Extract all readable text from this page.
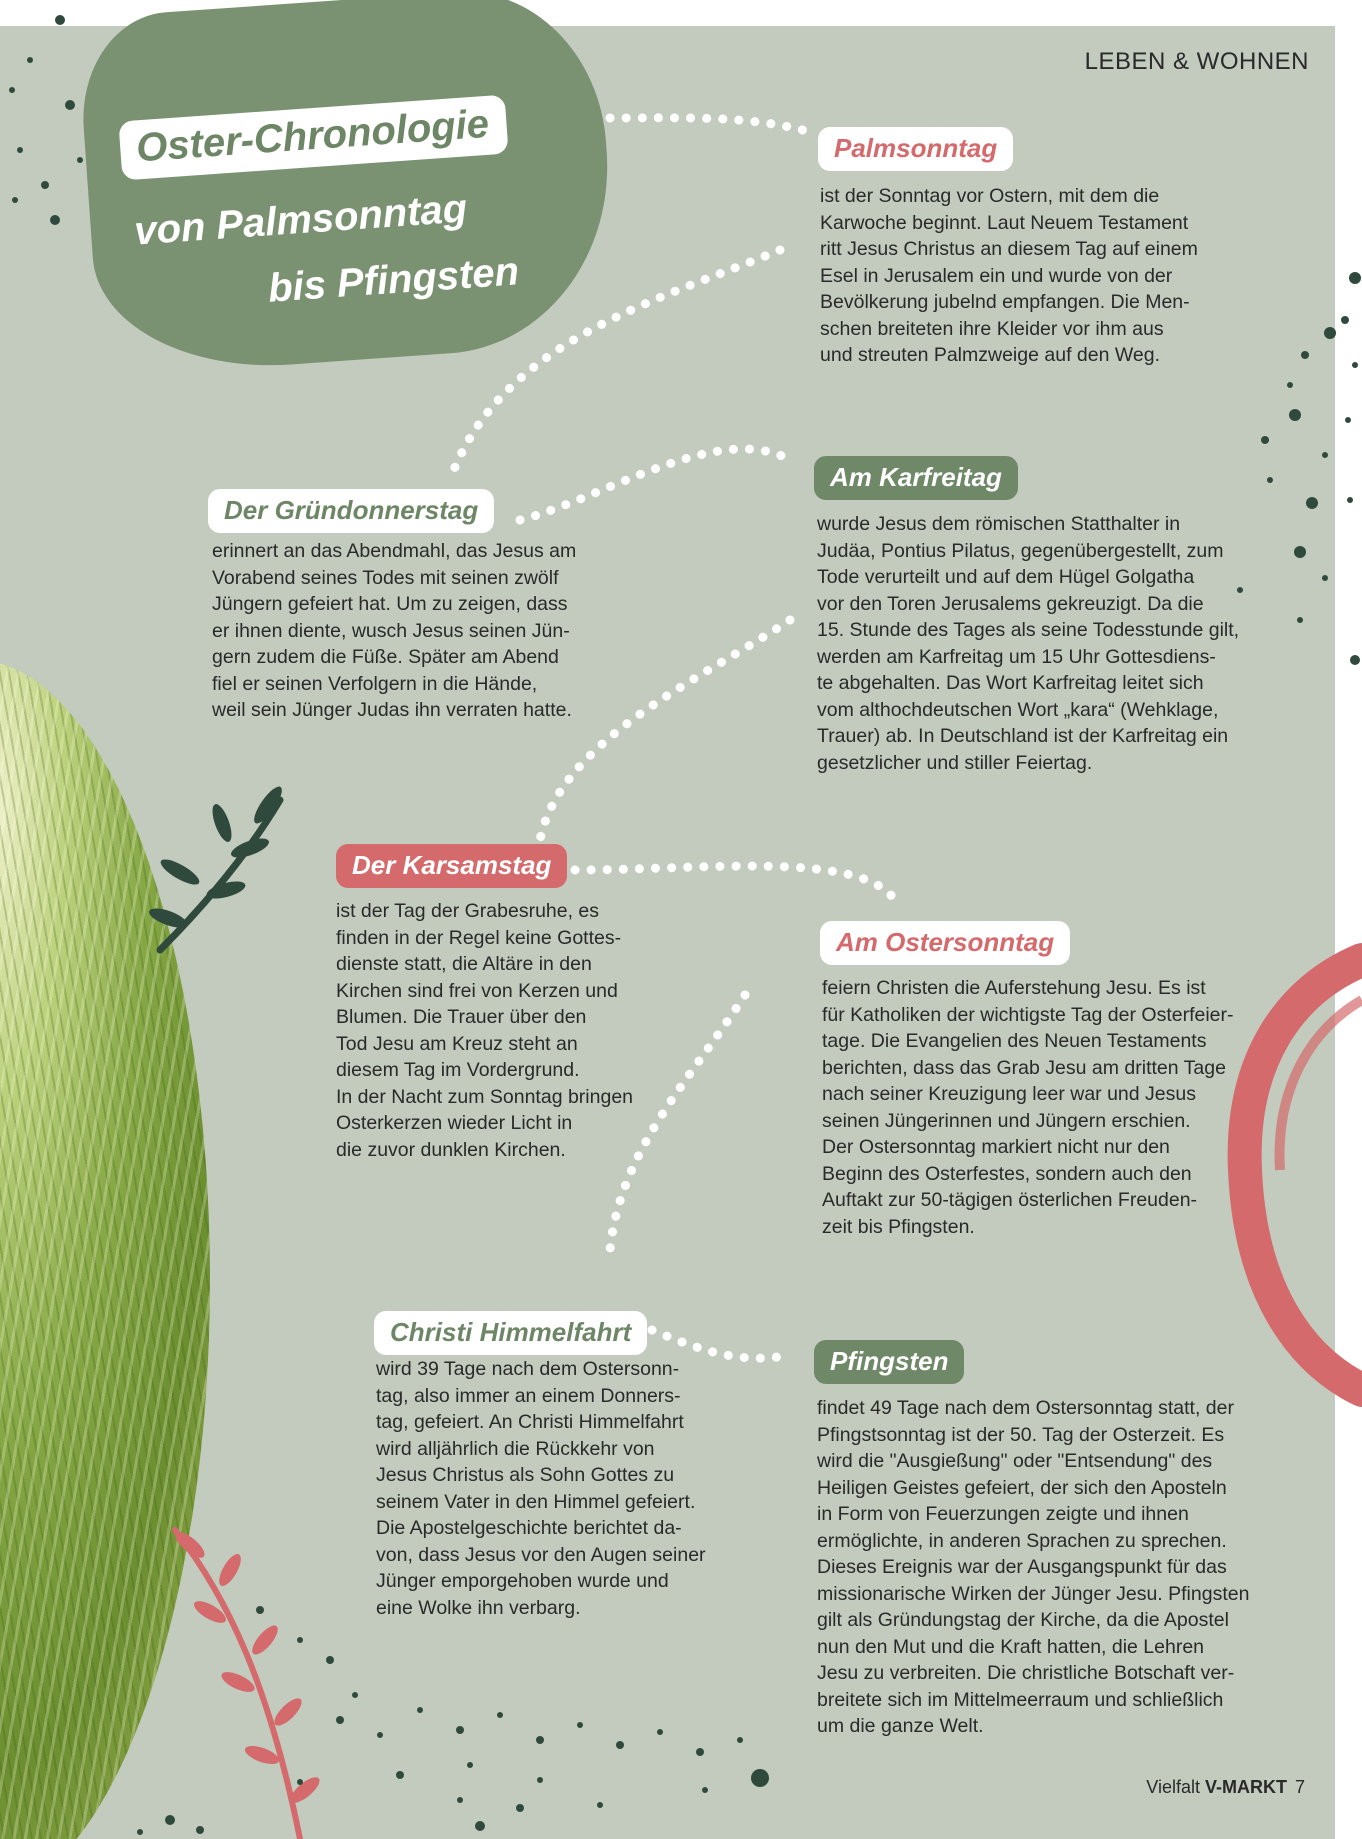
LEBEN & WOHNEN
Oster-Chronologie
von Palmsonntag
bis Pfingsten
Palmsonntag
ist der Sonntag vor Ostern, mit dem die
Karwoche beginnt. Laut Neuem Testament
ritt Jesus Christus an diesem Tag auf einem
Esel in Jerusalem ein und wurde von der
Bevölkerung jubelnd empfangen. Die Men-
schen breiteten ihre Kleider vor ihm aus
und streuten Palmzweige auf den Weg.
Der Gründonnerstag
erinnert an das Abendmahl, das Jesus am
Vorabend seines Todes mit seinen zwölf
Jüngern gefeiert hat. Um zu zeigen, dass
er ihnen diente, wusch Jesus seinen Jün-
gern zudem die Füße. Später am Abend
fiel er seinen Verfolgern in die Hände,
weil sein Jünger Judas ihn verraten hatte.
Am Karfreitag
wurde Jesus dem römischen Statthalter in
Judäa, Pontius Pilatus, gegenübergestellt, zum
Tode verurteilt und auf dem Hügel Golgatha
vor den Toren Jerusalems gekreuzigt. Da die
15. Stunde des Tages als seine Todesstunde gilt,
werden am Karfreitag um 15 Uhr Gottesdiens-
te abgehalten. Das Wort Karfreitag leitet sich
vom althochdeutschen Wort „kara“ (Wehklage,
Trauer) ab. In Deutschland ist der Karfreitag ein
gesetzlicher und stiller Feiertag.
Der Karsamstag
ist der Tag der Grabesruhe, es
finden in der Regel keine Gottes-
dienste statt, die Altäre in den
Kirchen sind frei von Kerzen und
Blumen. Die Trauer über den
Tod Jesu am Kreuz steht an
diesem Tag im Vordergrund.
In der Nacht zum Sonntag bringen
Osterkerzen wieder Licht in
die zuvor dunklen Kirchen.
Am Ostersonntag
feiern Christen die Auferstehung Jesu. Es ist
für Katholiken der wichtigste Tag der Osterfeier-
tage. Die Evangelien des Neuen Testaments
berichten, dass das Grab Jesu am dritten Tage
nach seiner Kreuzigung leer war und Jesus
seinen Jüngerinnen und Jüngern erschien.
Der Ostersonntag markiert nicht nur den
Beginn des Osterfestes, sondern auch den
Auftakt zur 50-tägigen österlichen Freuden-
zeit bis Pfingsten.
Christi Himmelfahrt
wird 39 Tage nach dem Ostersonn-
tag, also immer an einem Donners-
tag, gefeiert. An Christi Himmelfahrt
wird alljährlich die Rückkehr von
Jesus Christus als Sohn Gottes zu
seinem Vater in den Himmel gefeiert.
Die Apostelgeschichte berichtet da-
von, dass Jesus vor den Augen seiner
Jünger emporgehoben wurde und
eine Wolke ihn verbarg.
Pfingsten
findet 49 Tage nach dem Ostersonntag statt, der
Pfingstsonntag ist der 50. Tag der Osterzeit. Es
wird die "Ausgießung" oder "Entsendung" des
Heiligen Geistes gefeiert, der sich den Aposteln
in Form von Feuerzungen zeigte und ihnen
ermöglichte, in anderen Sprachen zu sprechen.
Dieses Ereignis war der Ausgangspunkt für das
missionarische Wirken der Jünger Jesu. Pfingsten
gilt als Gründungstag der Kirche, da die Apostel
nun den Mut und die Kraft hatten, die Lehren
Jesu zu verbreiten. Die christliche Botschaft ver-
breitete sich im Mittelmeerraum und schließlich
um die ganze Welt.
Vielfalt V-MARKT 7
